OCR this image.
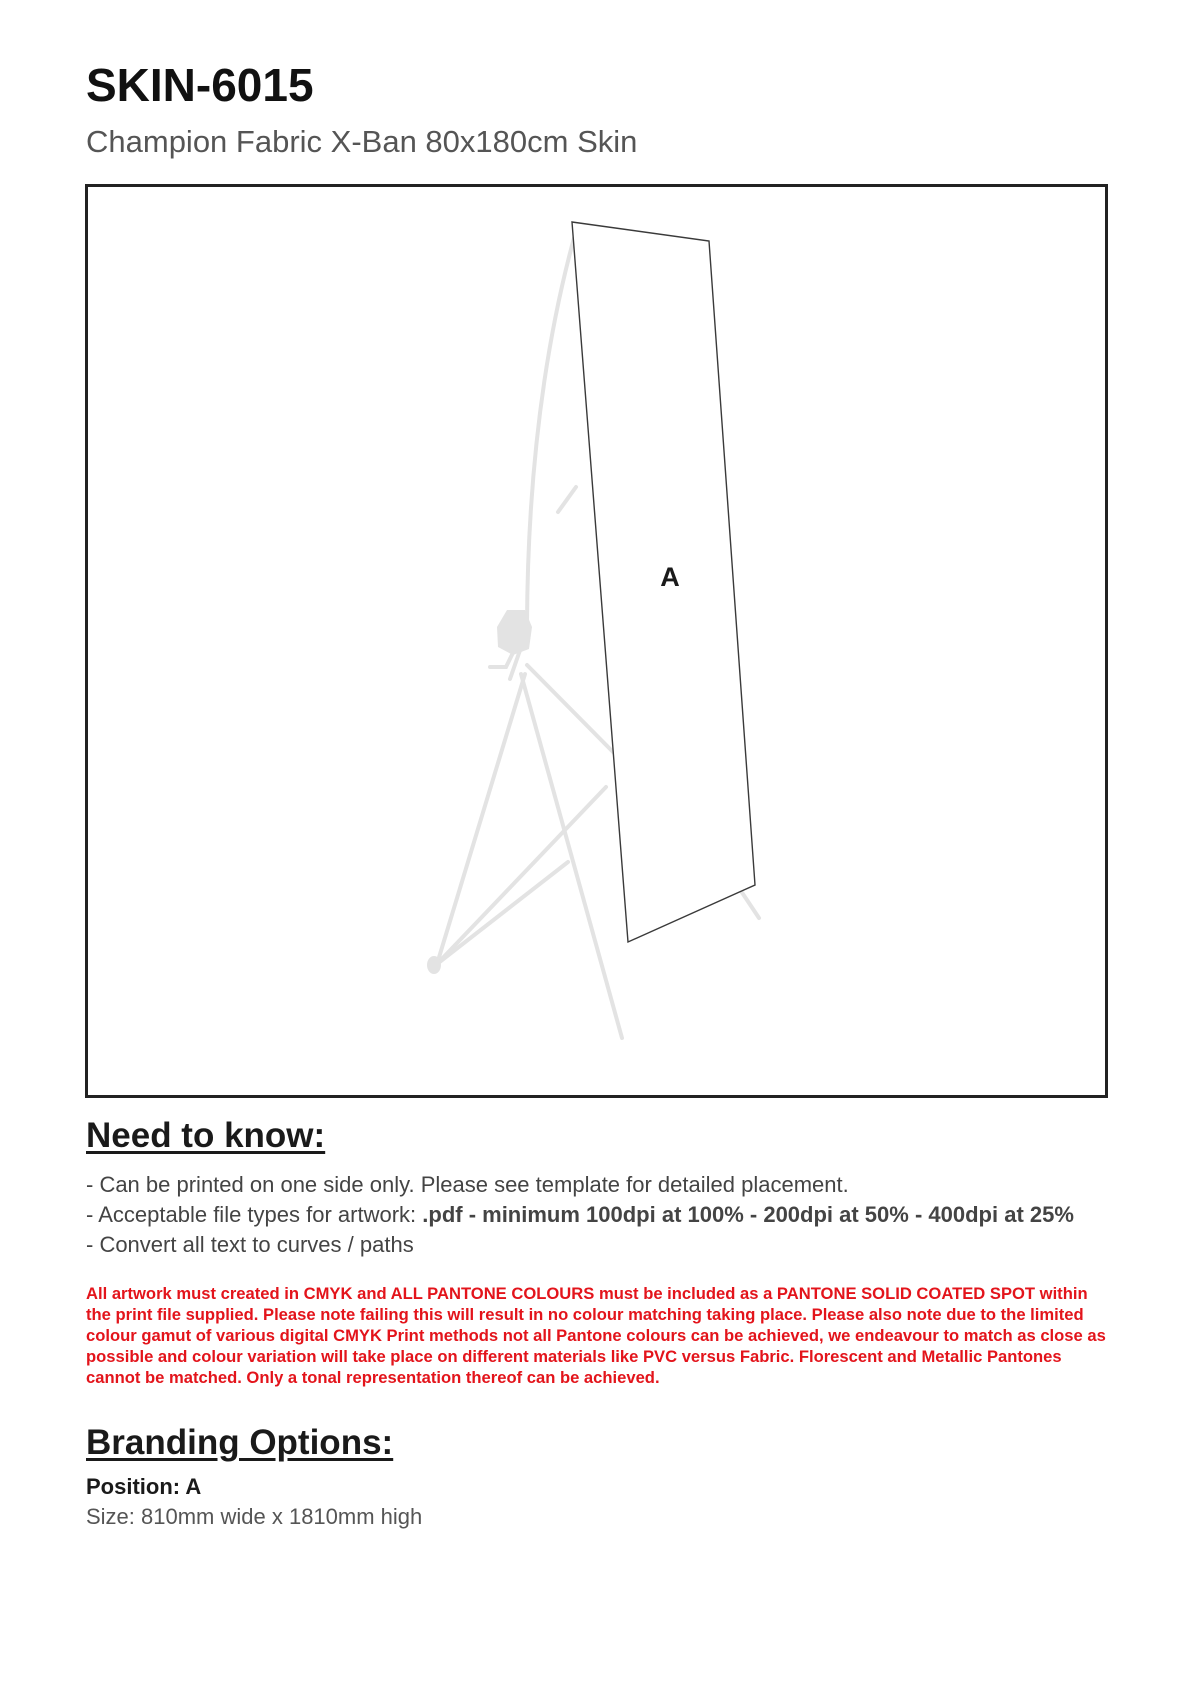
SKIN-6015

Champion Fabric X-Ban 80x180cm Skin

A
Need to know:
- Can be printed on one side only. Please see template for detailed placement.
- Acceptable file types for artwork: .pdf - minimum 100dpi at 100% - 200dpi at 50% - 400dpi at 25%
- Convert all text to curves / paths

All artwork must created in CMYK and ALL PANTONE COLOURS must be included as a PANTONE SOLID COATED SPOT within the print file supplied. Please note failing this will result in no colour matching taking place. Please also note due to the limited colour gamut of various digital CMYK Print methods not all Pantone colours can be achieved, we endeavour to match as close as possible and colour variation will take place on different materials like PVC versus Fabric. Florescent and Metallic Pantones cannot be matched. Only a tonal representation thereof can be achieved.

Branding Options:

Position: A

Size: 810mm wide x 1810mm high
